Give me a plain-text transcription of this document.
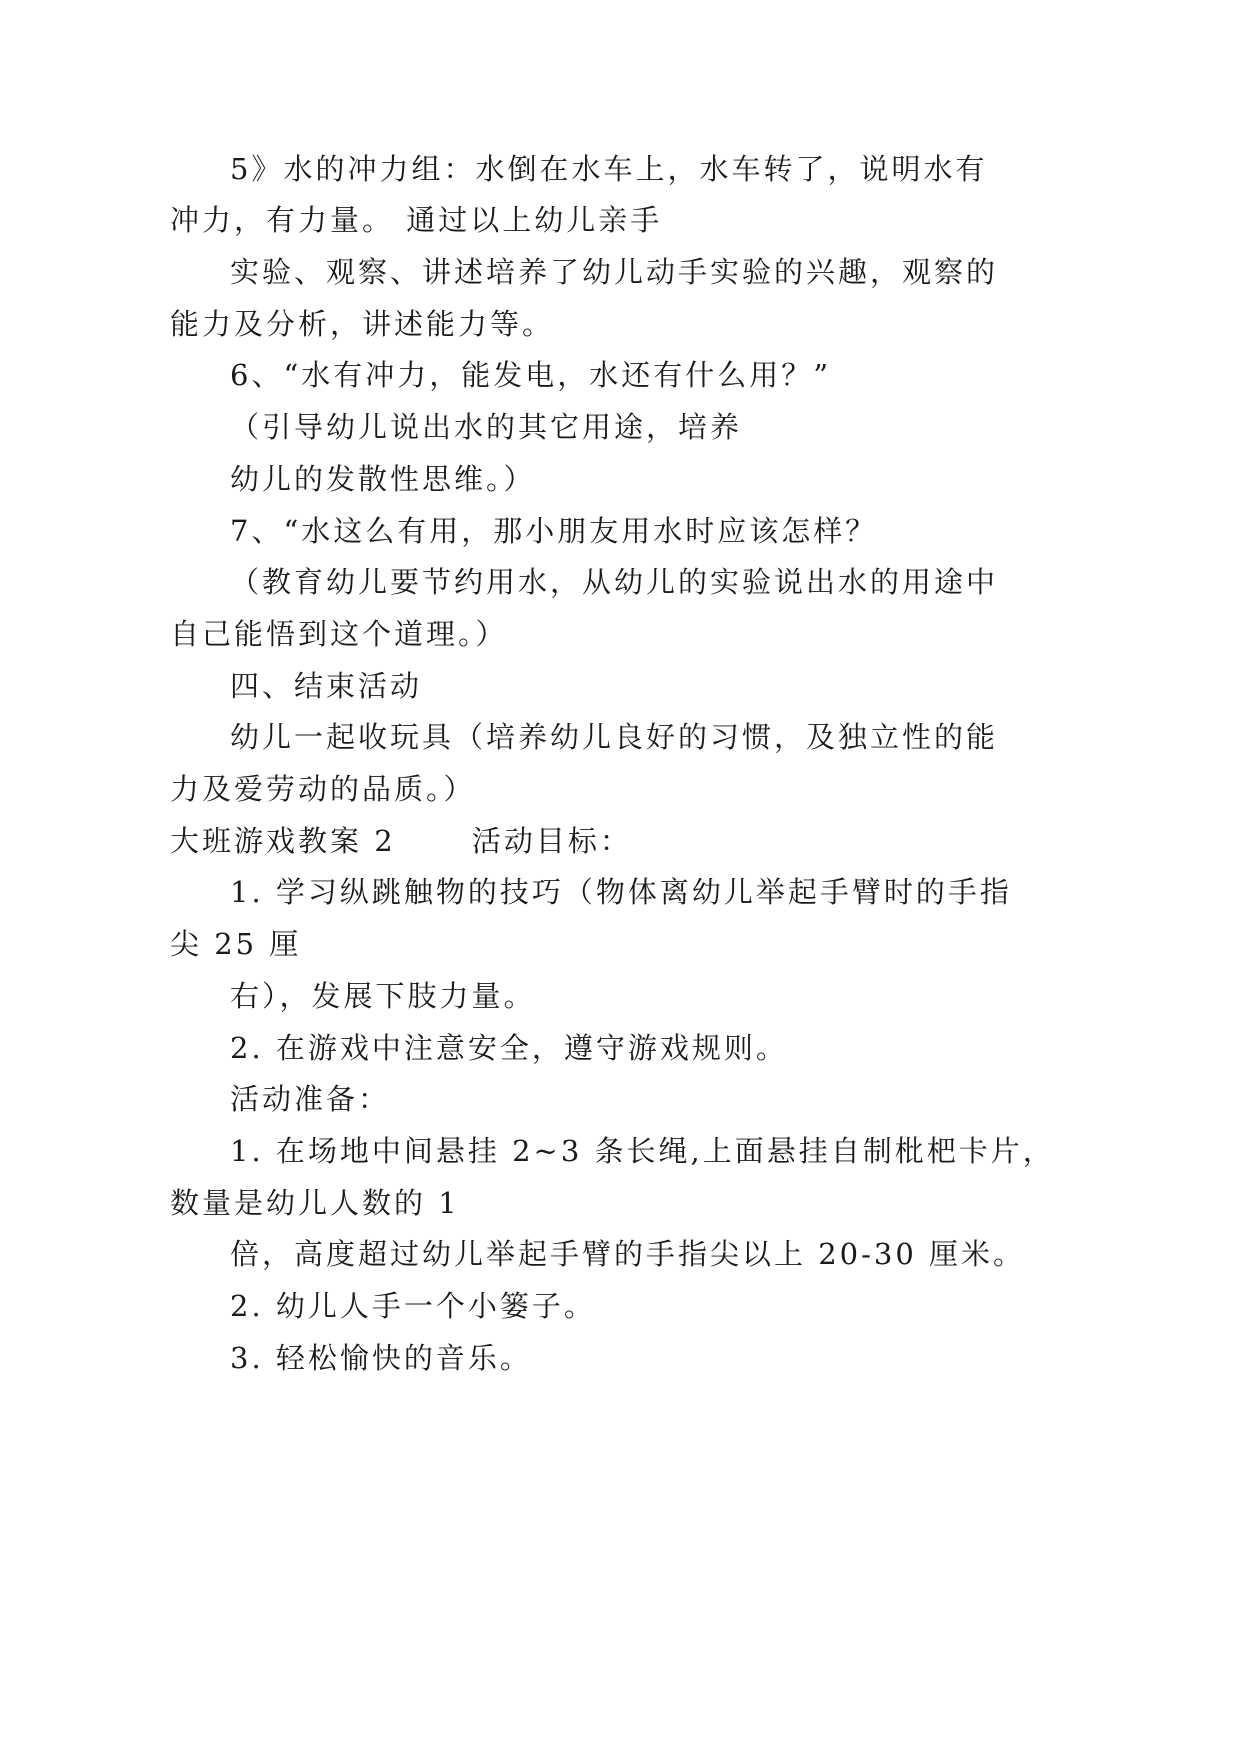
5》水的冲力组：水倒在水车上，水车转了，说明水有
冲力，有力量。 通过以上幼儿亲手
实验、观察、讲述培养了幼儿动手实验的兴趣，观察的
能力及分析，讲述能力等。
6、“水有冲力，能发电，水还有什么用？”
（引导幼儿说出水的其它用途，培养
幼儿的发散性思维。）
7、“水这么有用，那小朋友用水时应该怎样？
（教育幼儿要节约用水，从幼儿的实验说出水的用途中
自己能悟到这个道理。）
四、结束活动
幼儿一起收玩具（培养幼儿良好的习惯，及独立性的能
力及爱劳动的品质。）
大班游戏教案 2　　 活动目标：
1. 学习纵跳触物的技巧（物体离幼儿举起手臂时的手指
尖 25 厘
右），发展下肢力量。
2. 在游戏中注意安全，遵守游戏规则。
活动准备：
1. 在场地中间悬挂 2~3 条长绳,上面悬挂自制枇杷卡片，
数量是幼儿人数的 1
倍，高度超过幼儿举起手臂的手指尖以上 20-30 厘米。
2. 幼儿人手一个小篓子。
3. 轻松愉快的音乐。
